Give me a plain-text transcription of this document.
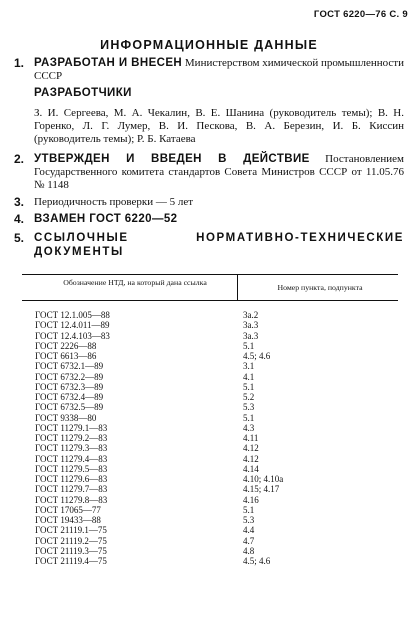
ГОСТ 6220—76 С. 9
ИНФОРМАЦИОННЫЕ ДАННЫЕ
1. РАЗРАБОТАН И ВНЕСЕН Министерством химической промышленности СССР
РАЗРАБОТЧИКИ
З. И. Сергеева, М. А. Чекалин, В. Е. Шанина (руководитель темы); В. Н. Горенко, Л. Г. Лумер, В. И. Пескова, В. А. Березин, И. Б. Киссин (руководитель темы); Р. Б. Катаева
2. УТВЕРЖДЕН И ВВЕДЕН В ДЕЙСТВИЕ Постановлением Государственного комитета стандартов Совета Министров СССР от 11.05.76 № 1148
3. Периодичность проверки — 5 лет
4. ВЗАМЕН ГОСТ 6220—52
5. ССЫЛОЧНЫЕ НОРМАТИВНО-ТЕХНИЧЕСКИЕ ДОКУМЕНТЫ
Обозначение НТД, на который дана ссылка
Номер пункта, подпункта
ГОСТ 12.1.005—88	3а.2
ГОСТ 12.4.011—89	3а.3
ГОСТ 12.4.103—83	3а.3
ГОСТ 2226—88	5.1
ГОСТ 6613—86	4.5; 4.6
ГОСТ 6732.1—89	3.1
ГОСТ 6732.2—89	4.1
ГОСТ 6732.3—89	5.1
ГОСТ 6732.4—89	5.2
ГОСТ 6732.5—89	5.3
ГОСТ 9338—80	5.1
ГОСТ 11279.1—83	4.3
ГОСТ 11279.2—83	4.11
ГОСТ 11279.3—83	4.12
ГОСТ 11279.4—83	4.12
ГОСТ 11279.5—83	4.14
ГОСТ 11279.6—83	4.10; 4.10а
ГОСТ 11279.7—83	4.15; 4.17
ГОСТ 11279.8—83	4.16
ГОСТ 17065—77	5.1
ГОСТ 19433—88	5.3
ГОСТ 21119.1—75	4.4
ГОСТ 21119.2—75	4.7
ГОСТ 21119.3—75	4.8
ГОСТ 21119.4—75	4.5; 4.6
